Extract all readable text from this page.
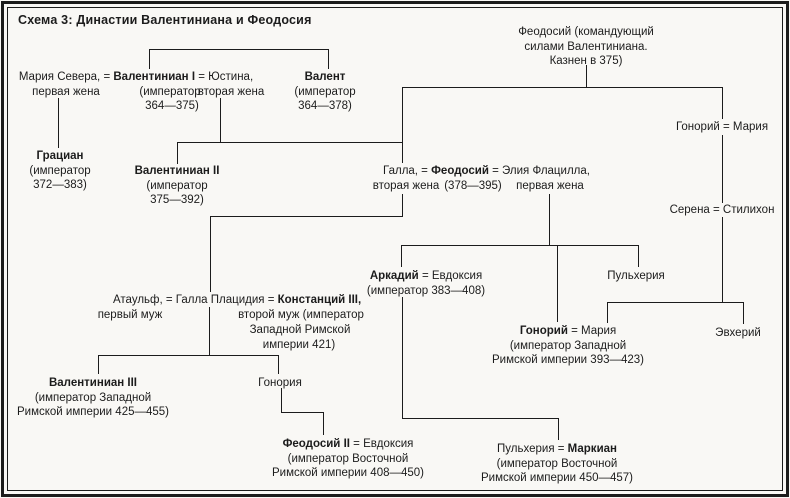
Схема 3: Династии Валентиниана и Феодосия
Мария Севера, = Валентиниан I = Юстина,
первая жена	(император
вторая жена
364—375)
Валент
(император
364—378)
Феодосий (командующий
силами Валентиниана.
Казнен в 375)
Грациан
(император
372—383)
Валентиниан II
(император
375—392)
Галла, = Феодосий = Элия Флацилла,
вторая жена (378—395) первая жена
Гонорий = Мария
Серена = Стилихон
Аркадий = Евдоксия
(император 383—408)
Пульхерия
Гонорий = Мария
(император Западной
Римской империи 393—423)
Эвхерий
Атаульф, = Галла Плацидия = Констанций III,
первый муж	второй муж (император
Западной Римской
империи 421)
Валентиниан III
(император Западной
Римской империи 425—455)
Гонория
Феодосий II = Евдоксия
(император Восточной
Римской империи 408—450)
Пульхерия = Маркиан
(император Восточной
Римской империи 450—457)
